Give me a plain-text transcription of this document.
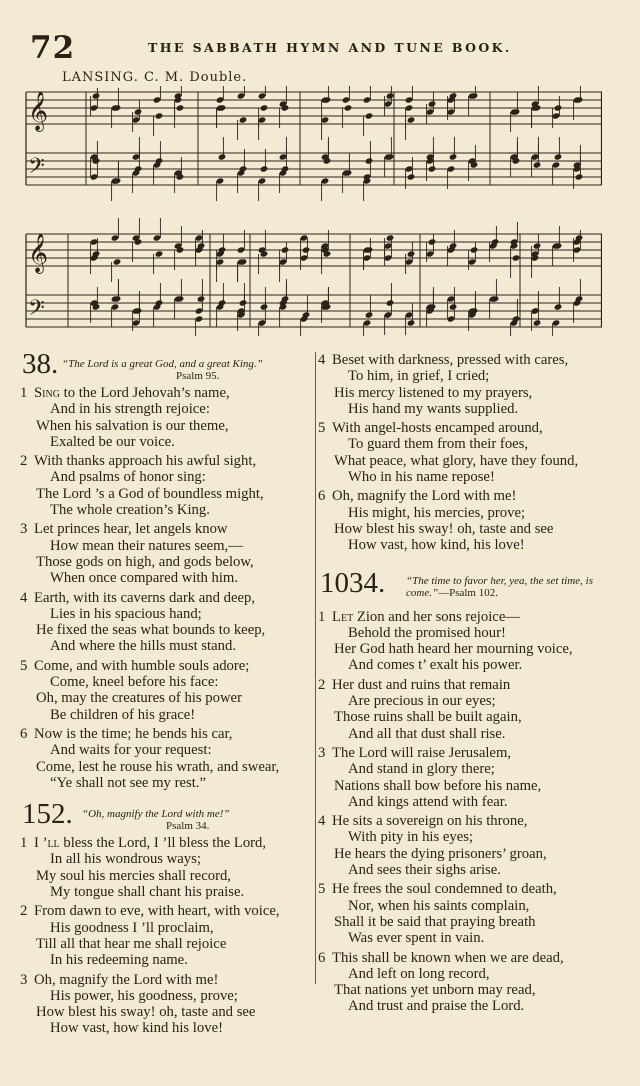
72	THE SABBATH HYMN AND TUNE BOOK.
LANSING. C. M. Double.
𝄞
𝄢
𝄞
𝄢
38. “The Lord is a great God, and a great King.”
Psalm 95.
1 Sing to the Lord Jehovah’s name,
And in his strength rejoice:
When his salvation is our theme,
Exalted be our voice.
2 With thanks approach his awful sight,
And psalms of honor sing:
The Lord ’s a God of boundless might,
The whole creation’s King.
3 Let princes hear, let angels know
How mean their natures seem,—
Those gods on high, and gods below,
When once compared with him.
4 Earth, with its caverns dark and deep,
Lies in his spacious hand;
He fixed the seas what bounds to keep,
And where the hills must stand.
5 Come, and with humble souls adore;
Come, kneel before his face:
Oh, may the creatures of his power
Be children of his grace!
6 Now is the time; he bends his car,
And waits for your request:
Come, lest he rouse his wrath, and swear,
“Ye shall not see my rest.”
152. “Oh, magnify the Lord with me!”
Psalm 34.
1 I ’ll bless the Lord, I ’ll bless the Lord,
In all his wondrous ways;
My soul his mercies shall record,
My tongue shall chant his praise.
2 From dawn to eve, with heart, with voice,
His goodness I ’ll proclaim,
Till all that hear me shall rejoice
In his redeeming name.
3 Oh, magnify the Lord with me!
His power, his goodness, prove;
How blest his sway! oh, taste and see
How vast, how kind his love!
4 Beset with darkness, pressed with cares,
To him, in grief, I cried;
His mercy listened to my prayers,
His hand my wants supplied.
5 With angel-hosts encamped around,
To guard them from their foes,
What peace, what glory, have they found,
Who in his name repose!
6 Oh, magnify the Lord with me!
His might, his mercies, prove;
How blest his sway! oh, taste and see
How vast, how kind, his love!
1034. “The time to favor her, yea, the set time, is come.”—Psalm 102.
1 Let Zion and her sons rejoice—
Behold the promised hour!
Her God hath heard her mourning voice,
And comes t’ exalt his power.
2 Her dust and ruins that remain
Are precious in our eyes;
Those ruins shall be built again,
And all that dust shall rise.
3 The Lord will raise Jerusalem,
And stand in glory there;
Nations shall bow before his name,
And kings attend with fear.
4 He sits a sovereign on his throne,
With pity in his eyes;
He hears the dying prisoners’ groan,
And sees their sighs arise.
5 He frees the soul condemned to death,
Nor, when his saints complain,
Shall it be said that praying breath
Was ever spent in vain.
6 This shall be known when we are dead,
And left on long record,
That nations yet unborn may read,
And trust and praise the Lord.
